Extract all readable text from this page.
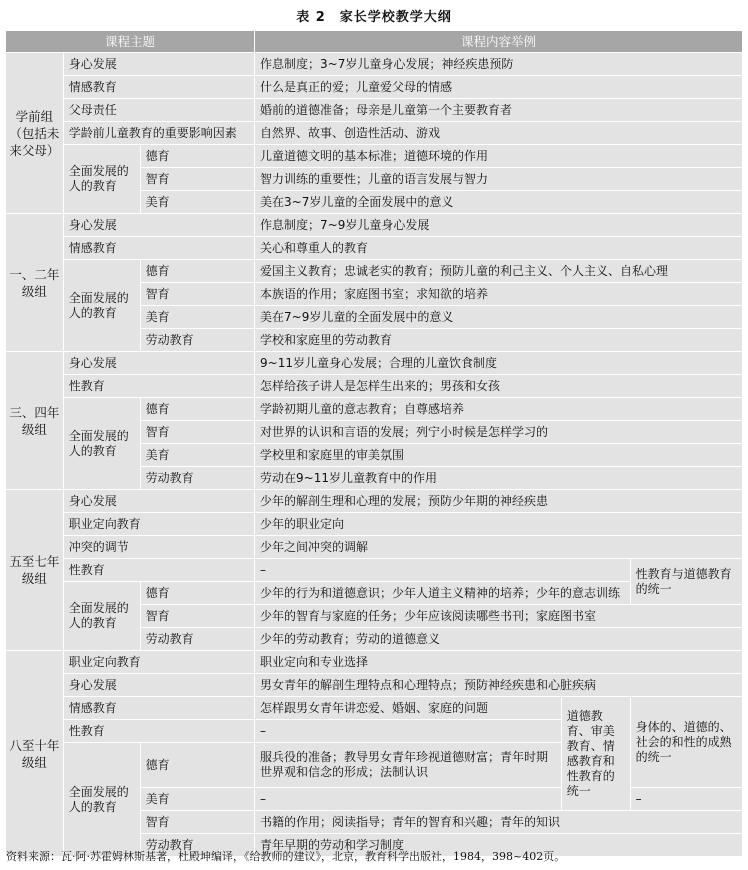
表 2　家长学校教学大纲
课程主题			课程内容举例		
学前组（包括未来父母）	身心发展		作息制度；3~7岁儿童身心发展；神经疾患预防		
	情感教育		什么是真正的爱；儿童爱父母的情感		
	父母责任		婚前的道德准备；母亲是儿童第一个主要教育者		
	学龄前儿童教育的重要影响因素		自然界、故事、创造性活动、游戏		
	全面发展的人的教育	德育	儿童道德文明的基本标准；道德环境的作用		
		智育	智力训练的重要性；儿童的语言发展与智力		
		美育	美在3~7岁儿童的全面发展中的意义		
一、二年级组	身心发展		作息制度；7~9岁儿童身心发展		
	情感教育		关心和尊重人的教育		
	全面发展的人的教育	德育	爱国主义教育；忠诚老实的教育；预防儿童的利己主义、个人主义、自私心理		
		智育	本族语的作用；家庭图书室；求知欲的培养		
		美育	美在7~9岁儿童的全面发展中的意义		
		劳动教育	学校和家庭里的劳动教育		
三、四年级组	身心发展		9~11岁儿童身心发展；合理的儿童饮食制度		
	性教育		怎样给孩子讲人是怎样生出来的；男孩和女孩		
	全面发展的人的教育	德育	学龄初期儿童的意志教育；自尊感培养		
		智育	对世界的认识和言语的发展；列宁小时候是怎样学习的		
		美育	学校里和家庭里的审美氛围		
		劳动教育	劳动在9~11岁儿童教育中的作用		
五至七年级组	身心发展		少年的解剖生理和心理的发展；预防少年期的神经疾患		
	职业定向教育		少年的职业定向		
	冲突的调节		少年之间冲突的调解		
	性教育		–		性教育与道德教育的统一
	全面发展的人的教育	德育	少年的行为和道德意识；少年人道主义精神的培养；少年的意志训练		
		智育	少年的智育与家庭的任务；少年应该阅读哪些书刊；家庭图书室		
		劳动教育	少年的劳动教育；劳动的道德意义		
八至十年级组	职业定向教育		职业定向和专业选择		
	身心发展		男女青年的解剖生理特点和心理特点；预防神经疾患和心脏疾病		
	情感教育		怎样跟男女青年讲恋爱、婚姻、家庭的问题	道德教育、审美教育、情感教育和性教育的统一	身体的、道德的、社会的和性的成熟的统一
	性教育		–		
	全面发展的人的教育	德育	服兵役的准备；教导男女青年珍视道德财富；青年时期世界观和信念的形成；法制认识		
		美育	–		–
		智育	书籍的作用；阅读指导；青年的智育和兴趣；青年的知识		
		劳动教育	青年早期的劳动和学习制度		
资料来源：瓦·阿·苏霍姆林斯基著，杜殿坤编译，《给教师的建议》，北京，教育科学出版社，1984，398~402页。
